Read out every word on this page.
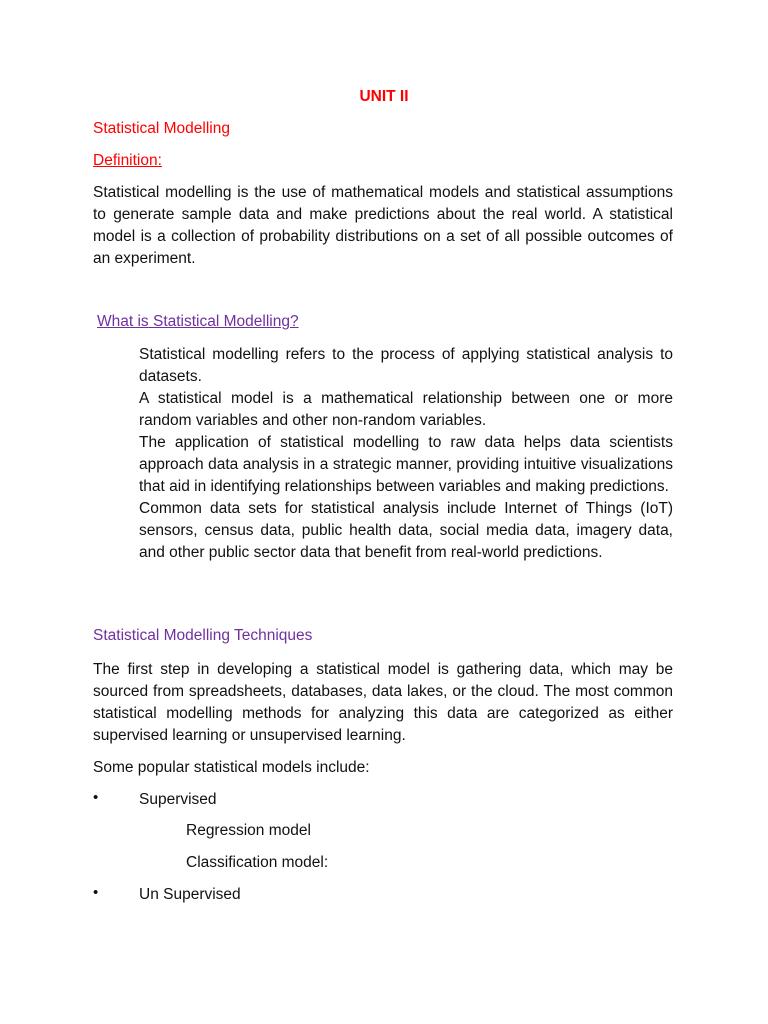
UNIT II
Statistical Modelling
Definition:
Statistical modelling is the use of mathematical models and statistical assumptions to generate sample data and make predictions about the real world. A statistical model is a collection of probability distributions on a set of all possible outcomes of an experiment.
What is Statistical Modelling?

Statistical modelling refers to the process of applying statistical analysis to datasets.

A statistical model is a mathematical relationship between one or more random variables and other non-random variables.

The application of statistical modelling to raw data helps data scientists approach data analysis in a strategic manner, providing intuitive visualizations that aid in identifying relationships between variables and making predictions.

Common data sets for statistical analysis include Internet of Things (IoT) sensors, census data, public health data, social media data, imagery data, and other public sector data that benefit from real-world predictions.

Statistical Modelling Techniques
The first step in developing a statistical model is gathering data, which may be sourced from spreadsheets, databases, data lakes, or the cloud. The most common statistical modelling methods for analyzing this data are categorized as either supervised learning or unsupervised learning.
Some popular statistical models include:
•	Supervised
Regression model
Classification model:
•	Un Supervised
